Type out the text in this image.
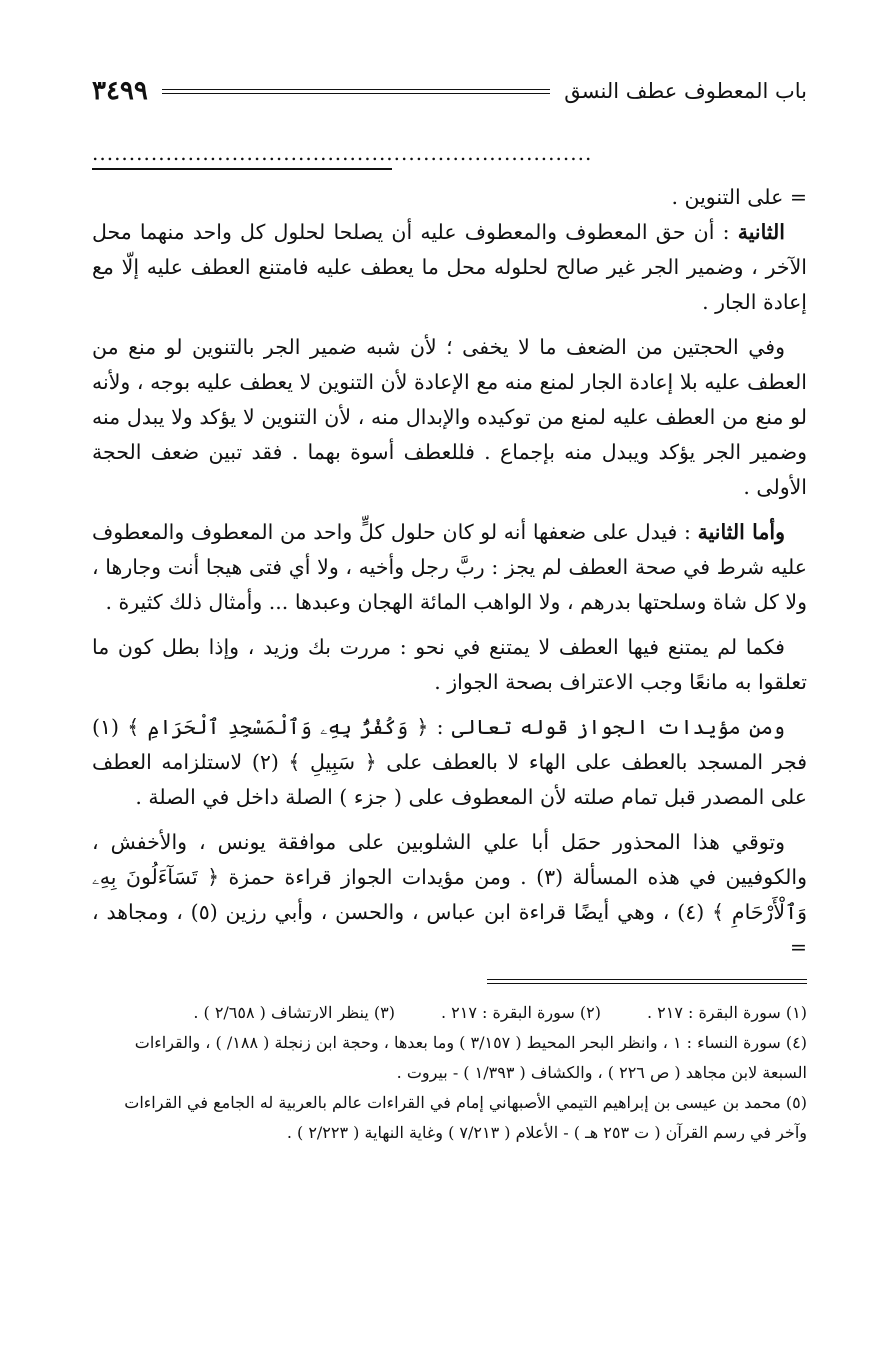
باب المعطوف عطف النسق
٣٤٩٩
....................................................................

= على التنوين .

الثانية : أن حق المعطوف والمعطوف عليه أن يصلحا لحلول كل واحد منهما محل الآخر ، وضمير الجر غير صالح لحلوله محل ما يعطف عليه فامتنع العطف عليه إلّا مع إعادة الجار .

وفي الحجتين من الضعف ما لا يخفى ؛ لأن شبه ضمير الجر بالتنوين لو منع من العطف عليه بلا إعادة الجار لمنع منه مع الإعادة لأن التنوين لا يعطف عليه بوجه ، ولأنه لو منع من العطف عليه لمنع من توكيده والإبدال منه ، لأن التنوين لا يؤكد ولا يبدل منه وضمير الجر يؤكد ويبدل منه بإجماع . فللعطف أسوة بهما . فقد تبين ضعف الحجة الأولى .

وأما الثانية : فيدل على ضعفها أنه لو كان حلول كلٍّ واحد من المعطوف والمعطوف عليه شرط في صحة العطف لم يجز : ربَّ رجل وأخيه ، ولا أي فتى هيجا أنت وجارها ، ولا كل شاة وسلحتها بدرهم ، ولا الواهب المائة الهجان وعبدها ... وأمثال ذلك كثيرة .

فكما لم يمتنع فيها العطف لا يمتنع في نحو : مررت بك وزيد ، وإذا بطل كون ما تعلقوا به مانعًا وجب الاعتراف بصحة الجواز .

ومن مؤيدات الجواز قوله تعالى : ﴿ وَكُفْرٌۢ بِهِۦ وَٱلْمَسْجِدِ ٱلْحَرَامِ ﴾ (١) فجر المسجد بالعطف على الهاء لا بالعطف على ﴿ سَبِيلِ ﴾ (٢) لاستلزامه العطف على المصدر قبل تمام صلته لأن المعطوف على ( جزء ) الصلة داخل في الصلة .

وتوقي هذا المحذور حمَل أبا علي الشلوبين على موافقة يونس ، والأخفش ، والكوفيين في هذه المسألة (٣) . ومن مؤيدات الجواز قراءة حمزة ﴿ تَسَآءَلُونَ بِهِۦ وَٱلْأَرْحَامِ ﴾ (٤) ، وهي أيضًا قراءة ابن عباس ، والحسن ، وأبي رزين (٥) ، ومجاهد ، =

(١) سورة البقرة : ٢١٧ .
(٢) سورة البقرة : ٢١٧ .
(٣) ينظر الارتشاف ( ٢/٦٥٨ ) .

(٤) سورة النساء : ١ ، وانظر البحر المحيط ( ٣/١٥٧ ) وما بعدها ، وحجة ابن زنجلة ( ١٨٨/ ) ، والقراءات السبعة لابن مجاهد ( ص ٢٢٦ ) ، والكشاف ( ١/٣٩٣ ) - بيروت .

(٥) محمد بن عيسى بن إبراهيم التيمي الأصبهاني إمام في القراءات عالم بالعربية له الجامع في القراءات وآخر في رسم القرآن ( ت ٢٥٣ هـ ) - الأعلام ( ٧/٢١٣ ) وغاية النهاية ( ٢/٢٢٣ ) .
